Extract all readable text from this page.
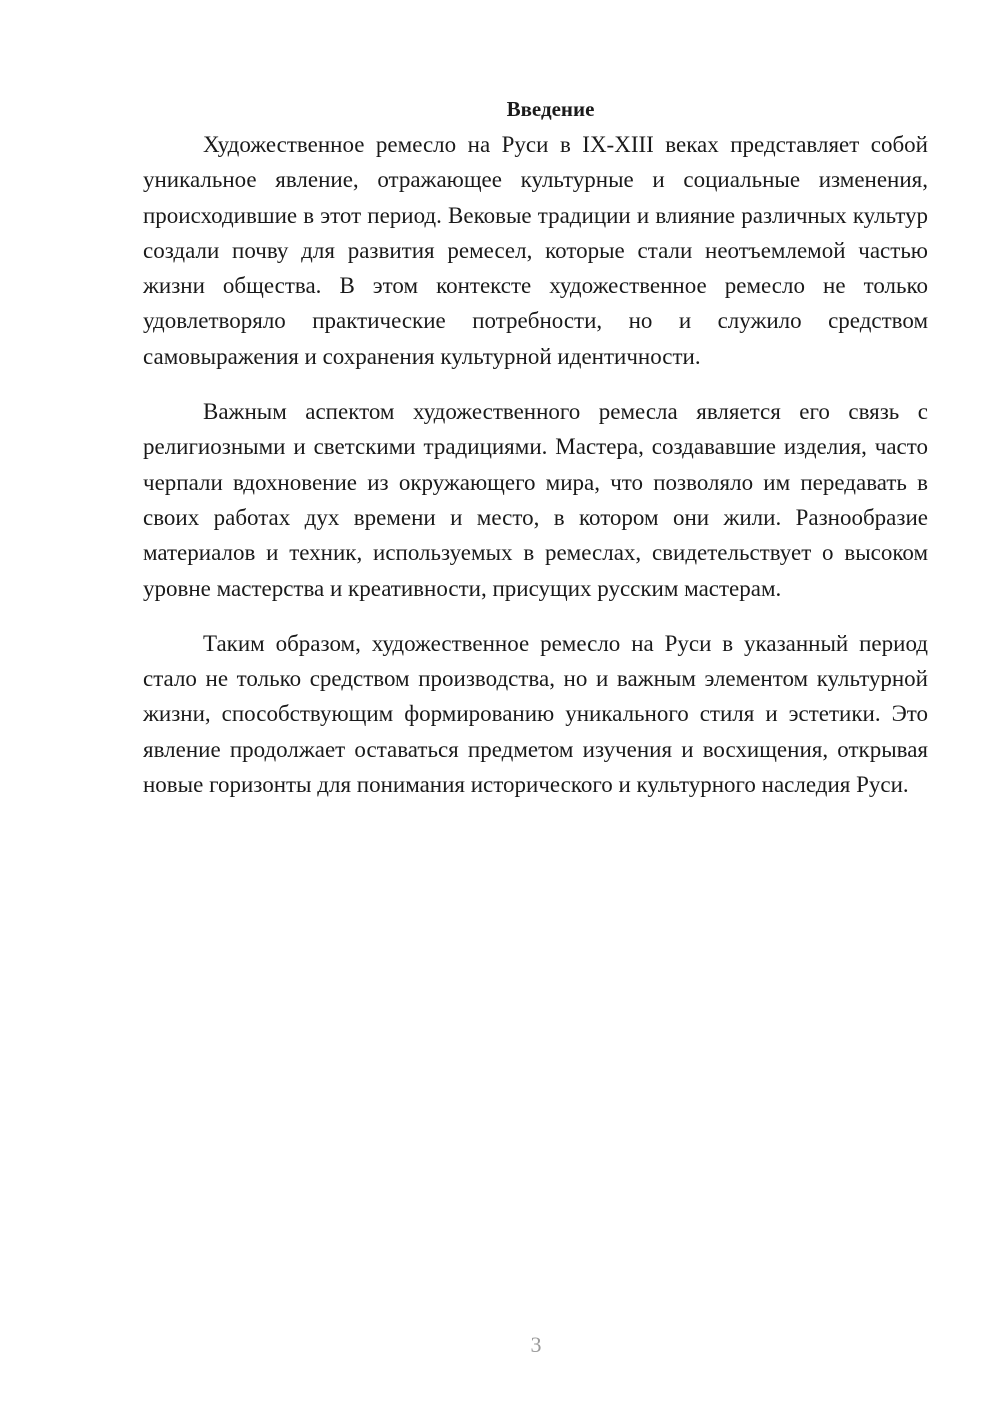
Введение

Художественное ремесло на Руси в IX-XIII веках представляет собой уникальное явление, отражающее культурные и социальные изменения, происходившие в этот период. Вековые традиции и влияние различных культур создали почву для развития ремесел, которые стали неотъемлемой частью жизни общества. В этом контексте художественное ремесло не только удовлетворяло практические потребности, но и служило средством самовыражения и сохранения культурной идентичности.

Важным аспектом художественного ремесла является его связь с религиозными и светскими традициями. Мастера, создававшие изделия, часто черпали вдохновение из окружающего мира, что позволяло им передавать в своих работах дух времени и место, в котором они жили. Разнообразие материалов и техник, используемых в ремеслах, свидетельствует о высоком уровне мастерства и креативности, присущих русским мастерам.

Таким образом, художественное ремесло на Руси в указанный период стало не только средством производства, но и важным элементом культурной жизни, способствующим формированию уникального стиля и эстетики. Это явление продолжает оставаться предметом изучения и восхищения, открывая новые горизонты для понимания исторического и культурного наследия Руси.

3
